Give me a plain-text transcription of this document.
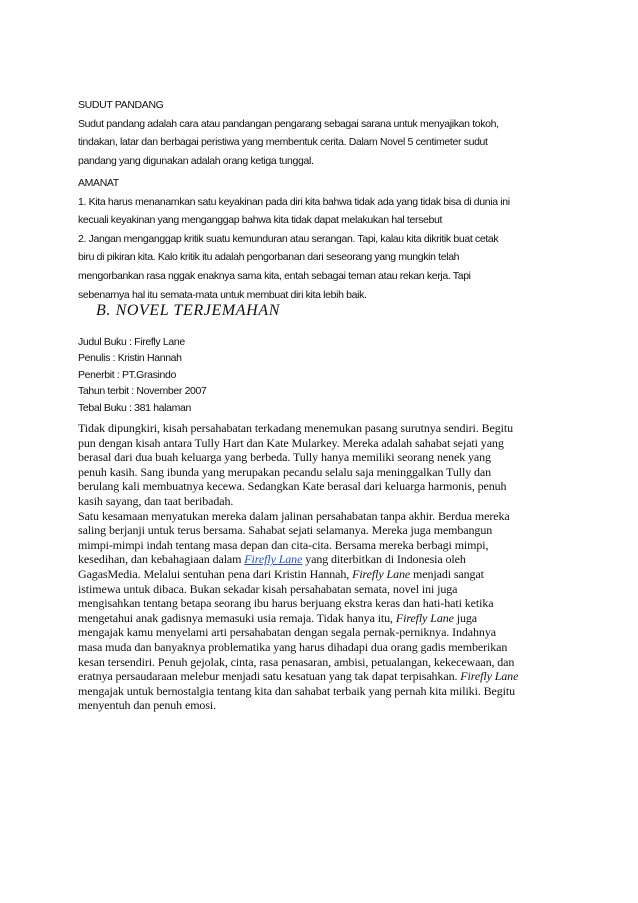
SUDUT PANDANG

Sudut pandang adalah cara atau pandangan pengarang sebagai sarana untuk menyajikan tokoh,

tindakan, latar dan berbagai peristiwa yang membentuk cerita. Dalam Novel 5 centimeter sudut

pandang yang digunakan adalah orang ketiga tunggal.

AMANAT

1. Kita harus menanamkan satu keyakinan pada diri kita bahwa tidak ada yang tidak bisa di dunia ini

kecuali keyakinan yang menganggap bahwa kita tidak dapat melakukan hal tersebut

2. Jangan menganggap kritik suatu kemunduran atau serangan. Tapi, kalau kita dikritik buat cetak

biru di pikiran kita. Kalo kritik itu adalah pengorbanan dari seseorang yang mungkin telah

mengorbankan rasa nggak enaknya sama kita, entah sebagai teman atau rekan kerja. Tapi

sebenarnya hal itu semata-mata untuk membuat diri kita lebih baik.

B. NOVEL TERJEMAHAN

Judul Buku : Firefly Lane

Penulis : Kristin Hannah

Penerbit : PT.Grasindo

Tahun terbit : November 2007

Tebal Buku : 381 halaman

Tidak dipungkiri, kisah persahabatan terkadang menemukan pasang surutnya sendiri. Begitu

pun dengan kisah antara Tully Hart dan Kate Mularkey. Mereka adalah sahabat sejati yang

berasal dari dua buah keluarga yang berbeda. Tully hanya memiliki seorang nenek yang

penuh kasih. Sang ibunda yang merupakan pecandu selalu saja meninggalkan Tully dan

berulang kali membuatnya kecewa. Sedangkan Kate berasal dari keluarga harmonis, penuh

kasih sayang, dan taat beribadah.

Satu kesamaan menyatukan mereka dalam jalinan persahabatan tanpa akhir. Berdua mereka

saling berjanji untuk terus bersama. Sahabat sejati selamanya. Mereka juga membangun

mimpi-mimpi indah tentang masa depan dan cita-cita. Bersama mereka berbagi mimpi,

kesedihan, dan kebahagiaan dalam Firefly Lane yang diterbitkan di Indonesia oleh

GagasMedia. Melalui sentuhan pena dari Kristin Hannah, Firefly Lane menjadi sangat

istimewa untuk dibaca. Bukan sekadar kisah persahabatan semata, novel ini juga

mengisahkan tentang betapa seorang ibu harus berjuang ekstra keras dan hati-hati ketika

mengetahui anak gadisnya memasuki usia remaja. Tidak hanya itu, Firefly Lane juga

mengajak kamu menyelami arti persahabatan dengan segala pernak-perniknya. Indahnya

masa muda dan banyaknya problematika yang harus dihadapi dua orang gadis memberikan

kesan tersendiri. Penuh gejolak, cinta, rasa penasaran, ambisi, petualangan, kekecewaan, dan

eratnya persaudaraan melebur menjadi satu kesatuan yang tak dapat terpisahkan. Firefly Lane

mengajak untuk bernostalgia tentang kita dan sahabat terbaik yang pernah kita miliki. Begitu

menyentuh dan penuh emosi.
